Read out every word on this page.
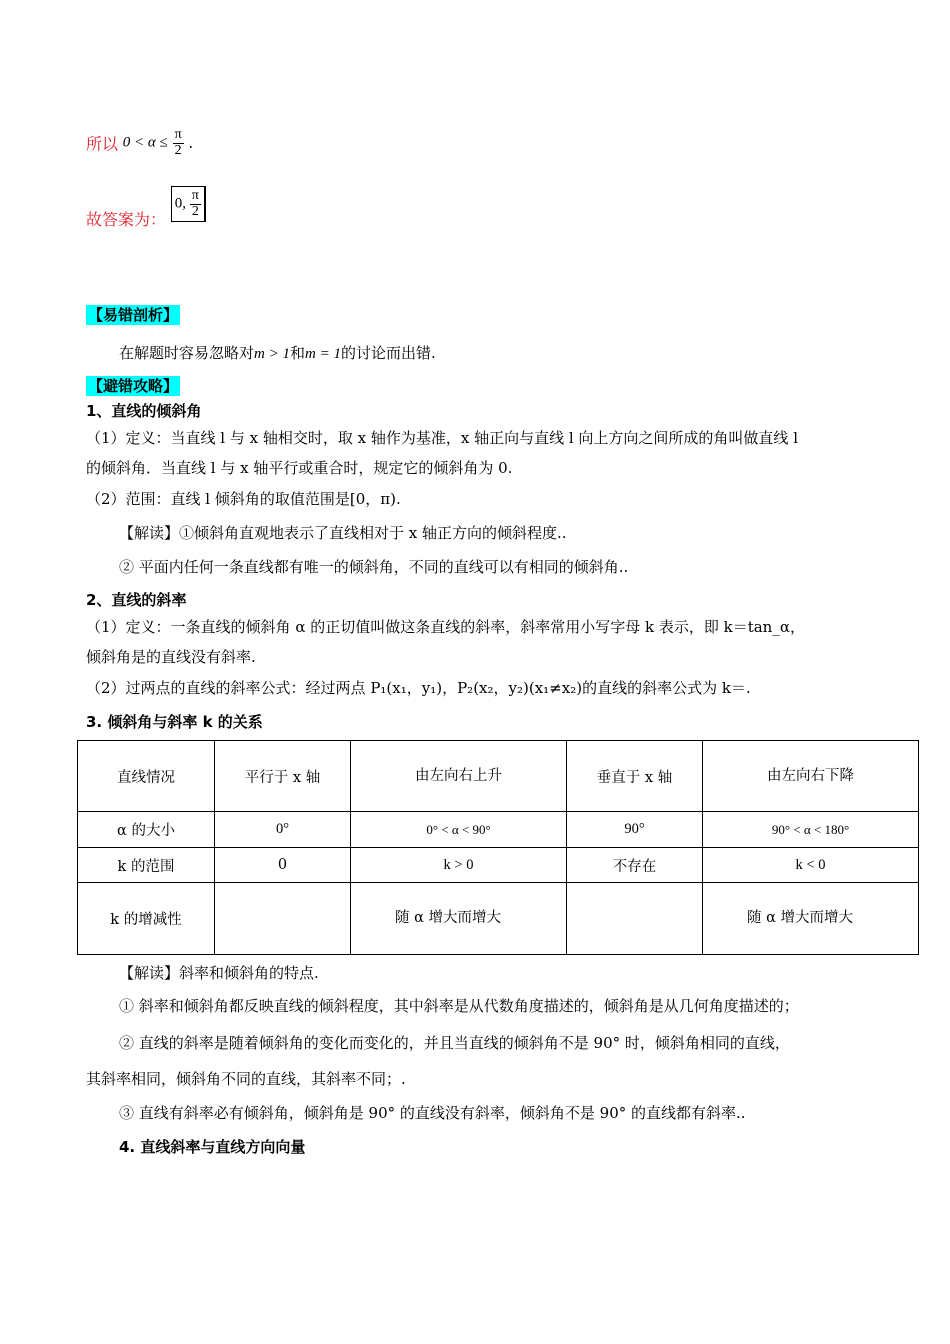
所以 $0 < \alpha \le \frac{\pi}{2}$ .
故答案为： 0, $\frac{\pi}{2}$
【易错剖析】
在解题时容易忽略对m > 1和m = 1的讨论而出错.
【避错攻略】
1、直线的倾斜角
（1）定义：当直线 l 与 x 轴相交时，取 x 轴作为基准，x 轴正向与直线 l 向上方向之间所成的角叫做直线 l
的倾斜角．当直线 l 与 x 轴平行或重合时，规定它的倾斜角为 0.
（2）范围：直线 l 倾斜角的取值范围是[0，π).
【解读】①倾斜角直观地表示了直线相对于 x 轴正方向的倾斜程度..
② 平面内任何一条直线都有唯一的倾斜角，不同的直线可以有相同的倾斜角..
2、直线的斜率
（1）定义：一条直线的倾斜角 α 的正切值叫做这条直线的斜率，斜率常用小写字母 k 表示，即 k＝tan_α，
倾斜角是的直线没有斜率.
（2）过两点的直线的斜率公式：经过两点 P₁(x₁，y₁)，P₂(x₂，y₂)(x₁≠x₂)的直线的斜率公式为 k＝.
3. 倾斜角与斜率 k 的关系
直线情况	平行于 x 轴	由左向右上升	垂直于 x 轴	由左向右下降
α 的大小	0°	0° < α < 90°	90°	90° < α < 180°
k 的范围	0	k > 0	不存在	k < 0
k 的增减性		随 α 增大而增大		随 α 增大而增大
【解读】斜率和倾斜角的特点.
① 斜率和倾斜角都反映直线的倾斜程度，其中斜率是从代数角度描述的，倾斜角是从几何角度描述的；
② 直线的斜率是随着倾斜角的变化而变化的，并且当直线的倾斜角不是 90° 时，倾斜角相同的直线，
其斜率相同，倾斜角不同的直线，其斜率不同；.
③ 直线有斜率必有倾斜角，倾斜角是 90° 的直线没有斜率，倾斜角不是 90° 的直线都有斜率..
4. 直线斜率与直线方向向量
